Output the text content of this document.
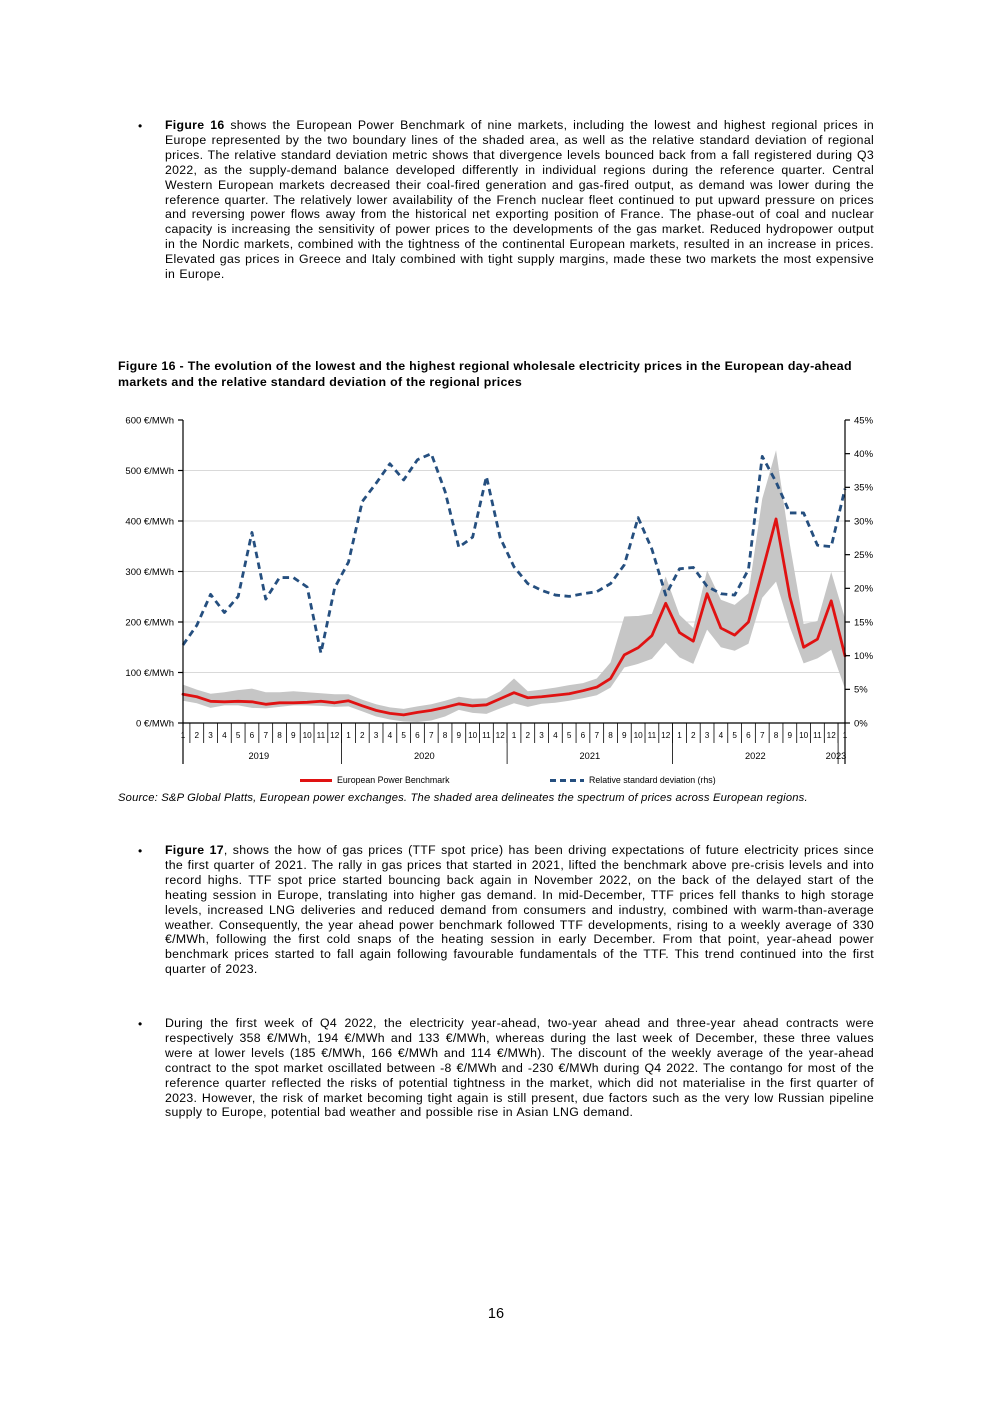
• Figure 16 shows the European Power Benchmark of nine markets, including the lowest and highest regional prices in Europe represented by the two boundary lines of the shaded area, as well as the relative standard deviation of regional prices. The relative standard deviation metric shows that divergence levels bounced back from a fall registered during Q3 2022, as the supply-demand balance developed differently in individual regions during the reference quarter. Central Western European markets decreased their coal-fired generation and gas-fired output, as demand was lower during the reference quarter. The relatively lower availability of the French nuclear fleet continued to put upward pressure on prices and reversing power flows away from the historical net exporting position of France. The phase-out of coal and nuclear capacity is increasing the sensitivity of power prices to the developments of the gas market. Reduced hydropower output in the Nordic markets, combined with the tightness of the continental European markets, resulted in an increase in prices. Elevated gas prices in Greece and Italy combined with tight supply margins, made these two markets the most expensive in Europe.
Figure 16 - The evolution of the lowest and the highest regional wholesale electricity prices in the European day-ahead markets and the relative standard deviation of the regional prices
0 €/MWh
100 €/MWh
200 €/MWh
300 €/MWh
400 €/MWh
500 €/MWh
600 €/MWh
0%
5%
10%
15%
20%
25%
30%
35%
40%
45%
1 2 3 4 5 6 7 8 9 10 11 12 1 2 3 4 5 6 7 8 9 10 11 12 1 2 3 4 5 6 7 8 9 10 11 12 1 2 3 4 5 6 7 8 9 10 11 12 1
2019	2020	2021	2022	2023
European Power Benchmark	Relative standard deviation (rhs)
Source: S&P Global Platts, European power exchanges. The shaded area delineates the spectrum of prices across European regions.
• Figure 17, shows the how of gas prices (TTF spot price) has been driving expectations of future electricity prices since the first quarter of 2021. The rally in gas prices that started in 2021, lifted the benchmark above pre-crisis levels and into record highs. TTF spot price started bouncing back again in November 2022, on the back of the delayed start of the heating session in Europe, translating into higher gas demand. In mid-December, TTF prices fell thanks to high storage levels, increased LNG deliveries and reduced demand from consumers and industry, combined with warm-than-average weather. Consequently, the year ahead power benchmark followed TTF developments, rising to a weekly average of 330 €/MWh, following the first cold snaps of the heating session in early December. From that point, year-ahead power benchmark prices started to fall again following favourable fundamentals of the TTF. This trend continued into the first quarter of 2023.
• During the first week of Q4 2022, the electricity year-ahead, two-year ahead and three-year ahead contracts were respectively 358 €/MWh, 194 €/MWh and 133 €/MWh, whereas during the last week of December, these three values were at lower levels (185 €/MWh, 166 €/MWh and 114 €/MWh). The discount of the weekly average of the year-ahead contract to the spot market oscillated between -8 €/MWh and -230 €/MWh during Q4 2022. The contango for most of the reference quarter reflected the risks of potential tightness in the market, which did not materialise in the first quarter of 2023. However, the risk of market becoming tight again is still present, due factors such as the very low Russian pipeline supply to Europe, potential bad weather and possible rise in Asian LNG demand.
16
